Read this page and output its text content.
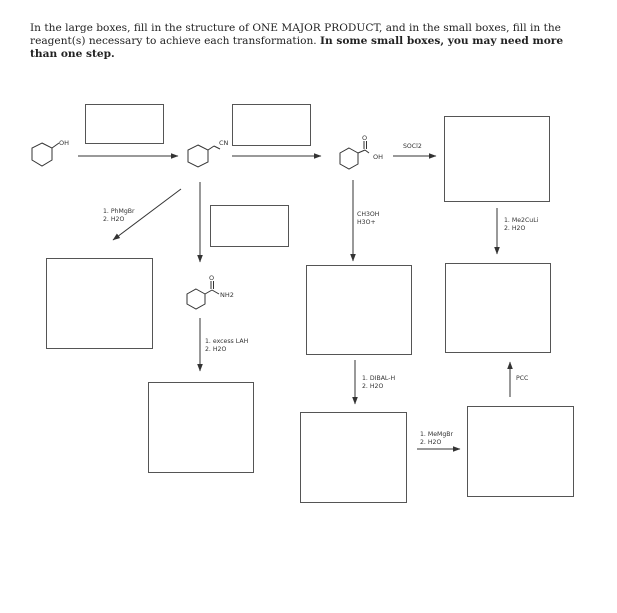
In the large boxes, fill in the structure of ONE MAJOR PRODUCT, and in the small boxes, fill in the reagent(s) necessary to achieve each transformation. In some small boxes, you may need more than one step.
OH	CN
O
OH
O
NH2
SOCl2
1. PhMgBr
2. H2O
CH3OH
H3O+	1. Me2CuLi
2. H2O
1. excess LAH
2. H2O
1. DIBAL-H
2. H2O
PCC
1. MeMgBr
2. H2O
